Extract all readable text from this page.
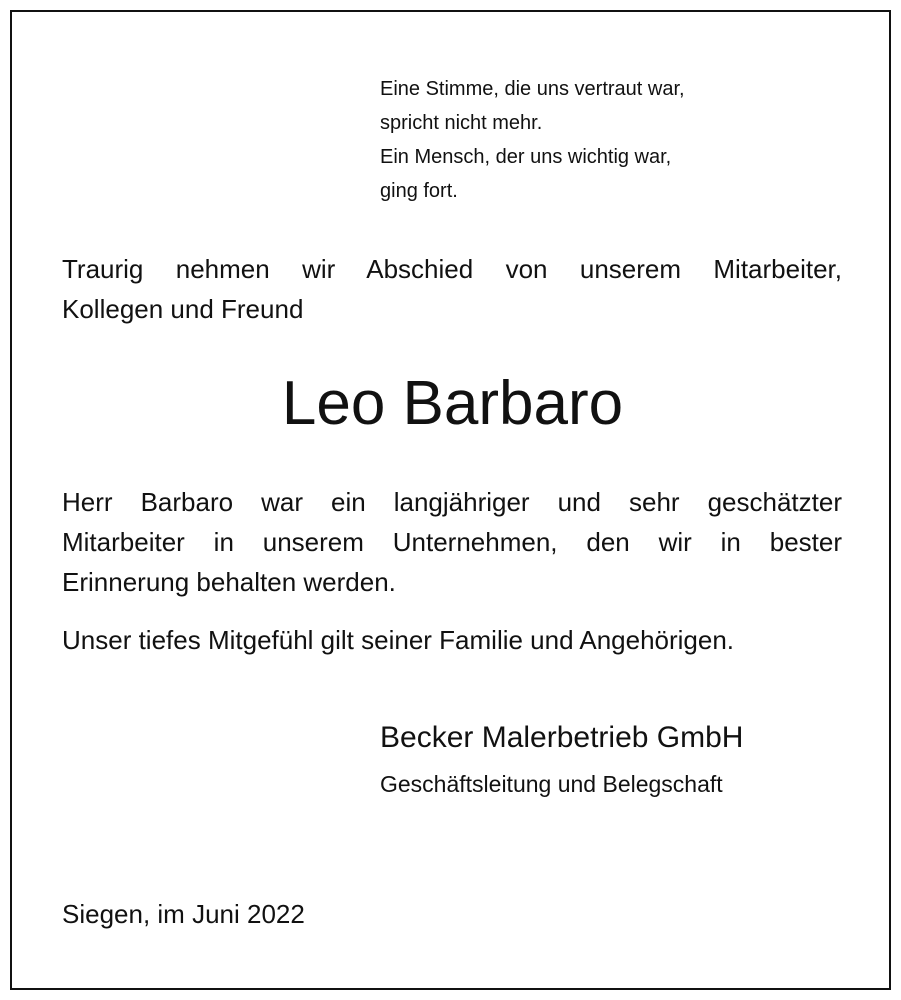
Eine Stimme, die uns vertraut war,
spricht nicht mehr.
Ein Mensch, der uns wichtig war,
ging fort.
Traurig nehmen wir Abschied von unserem Mitarbeiter,
Kollegen und Freund
Leo Barbaro
Herr Barbaro war ein langjähriger und sehr geschätzter
Mitarbeiter in unserem Unternehmen, den wir in bester
Erinnerung behalten werden.
Unser tiefes Mitgefühl gilt seiner Familie und Angehörigen.
Becker Malerbetrieb GmbH
Geschäftsleitung und Belegschaft
Siegen, im Juni 2022
